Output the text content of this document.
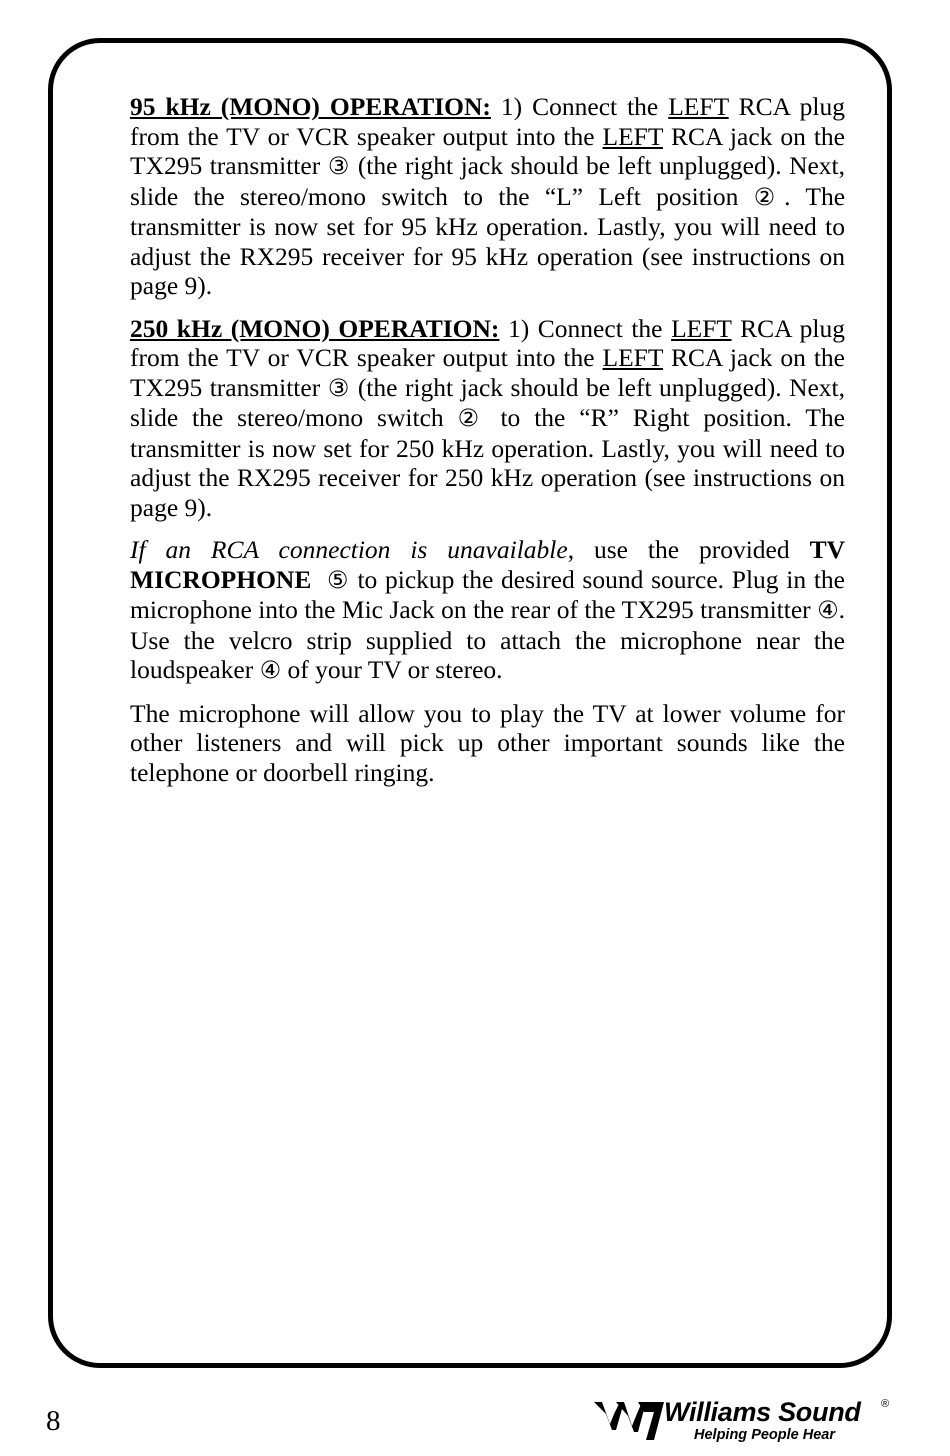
95 kHz (MONO) OPERATION: 1) Connect the LEFT RCA plug from the TV or VCR speaker output into the LEFT RCA jack on the TX295 transmitter ③ (the right jack should be left unplugged). Next, slide the stereo/mono switch to the “L” Left position ②. The transmitter is now set for 95 kHz operation. Lastly, you will need to adjust the RX295 receiver for 95 kHz operation (see instructions on page 9).

250 kHz (MONO) OPERATION: 1) Connect the LEFT RCA plug from the TV or VCR speaker output into the LEFT RCA jack on the TX295 transmitter ③ (the right jack should be left unplugged). Next, slide the stereo/mono switch ② to the “R” Right position. The transmitter is now set for 250 kHz operation. Lastly, you will need to adjust the RX295 receiver for 250 kHz operation (see instructions on page 9).

If an RCA connection is unavailable, use the provided TV MICROPHONE ⑤ to pickup the desired sound source. Plug in the microphone into the Mic Jack on the rear of the TX295 transmitter ④. Use the velcro strip supplied to attach the microphone near the loudspeaker ④ of your TV or stereo.

The microphone will allow you to play the TV at lower volume for other listeners and will pick up other important sounds like the telephone or doorbell ringing.

8	Williams Sound ®
Helping People Hear
